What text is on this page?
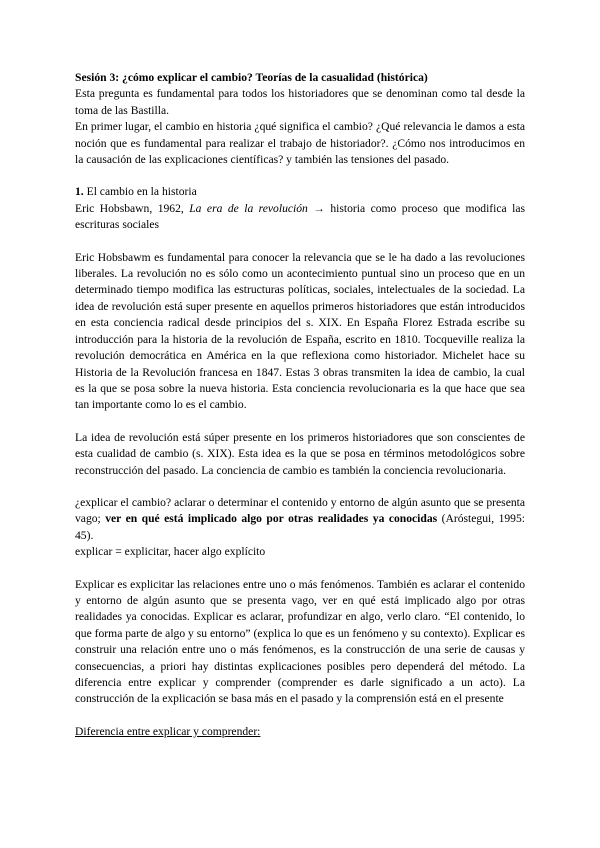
Sesión 3: ¿cómo explicar el cambio? Teorías de la casualidad (histórica)

Esta pregunta es fundamental para todos los historiadores que se denominan como tal desde la toma de las Bastilla.

En primer lugar, el cambio en historia ¿qué significa el cambio? ¿Qué relevancia le damos a esta noción que es fundamental para realizar el trabajo de historiador?. ¿Cómo nos introducimos en la causación de las explicaciones científicas? y también las tensiones del pasado.

1. El cambio en la historia

Eric Hobsbawn, 1962, La era de la revolución → historia como proceso que modifica las escrituras sociales

Eric Hobsbawm es fundamental para conocer la relevancia que se le ha dado a las revoluciones liberales. La revolución no es sólo como un acontecimiento puntual sino un proceso que en un determinado tiempo modifica las estructuras políticas, sociales, intelectuales de la sociedad. La idea de revolución está super presente en aquellos primeros historiadores que están introducidos en esta conciencia radical desde principios del s. XIX. En España Florez Estrada escribe su introducción para la historia de la revolución de España, escrito en 1810. Tocqueville realiza la revolución democrática en América en la que reflexiona como historiador. Michelet hace su Historia de la Revolución francesa en 1847. Estas 3 obras transmiten la idea de cambio, la cual es la que se posa sobre la nueva historia. Esta conciencia revolucionaria es la que hace que sea tan importante como lo es el cambio.

La idea de revolución está súper presente en los primeros historiadores que son conscientes de esta cualidad de cambio (s. XIX). Esta idea es la que se posa en términos metodológicos sobre reconstrucción del pasado. La conciencia de cambio es también la conciencia revolucionaria.

¿explicar el cambio? aclarar o determinar el contenido y entorno de algún asunto que se presenta vago; ver en qué está implicado algo por otras realidades ya conocidas (Aróstegui, 1995: 45).

explicar = explicitar, hacer algo explícito

Explicar es explicitar las relaciones entre uno o más fenómenos. También es aclarar el contenido y entorno de algún asunto que se presenta vago, ver en qué está implicado algo por otras realidades ya conocidas. Explicar es aclarar, profundizar en algo, verlo claro. “El contenido, lo que forma parte de algo y su entorno” (explica lo que es un fenómeno y su contexto). Explicar es construir una relación entre uno o más fenómenos, es la construcción de una serie de causas y consecuencias, a priori hay distintas explicaciones posibles pero dependerá del método. La diferencia entre explicar y comprender (comprender es darle significado a un acto). La construcción de la explicación se basa más en el pasado y la comprensión está en el presente

Diferencia entre explicar y comprender:
